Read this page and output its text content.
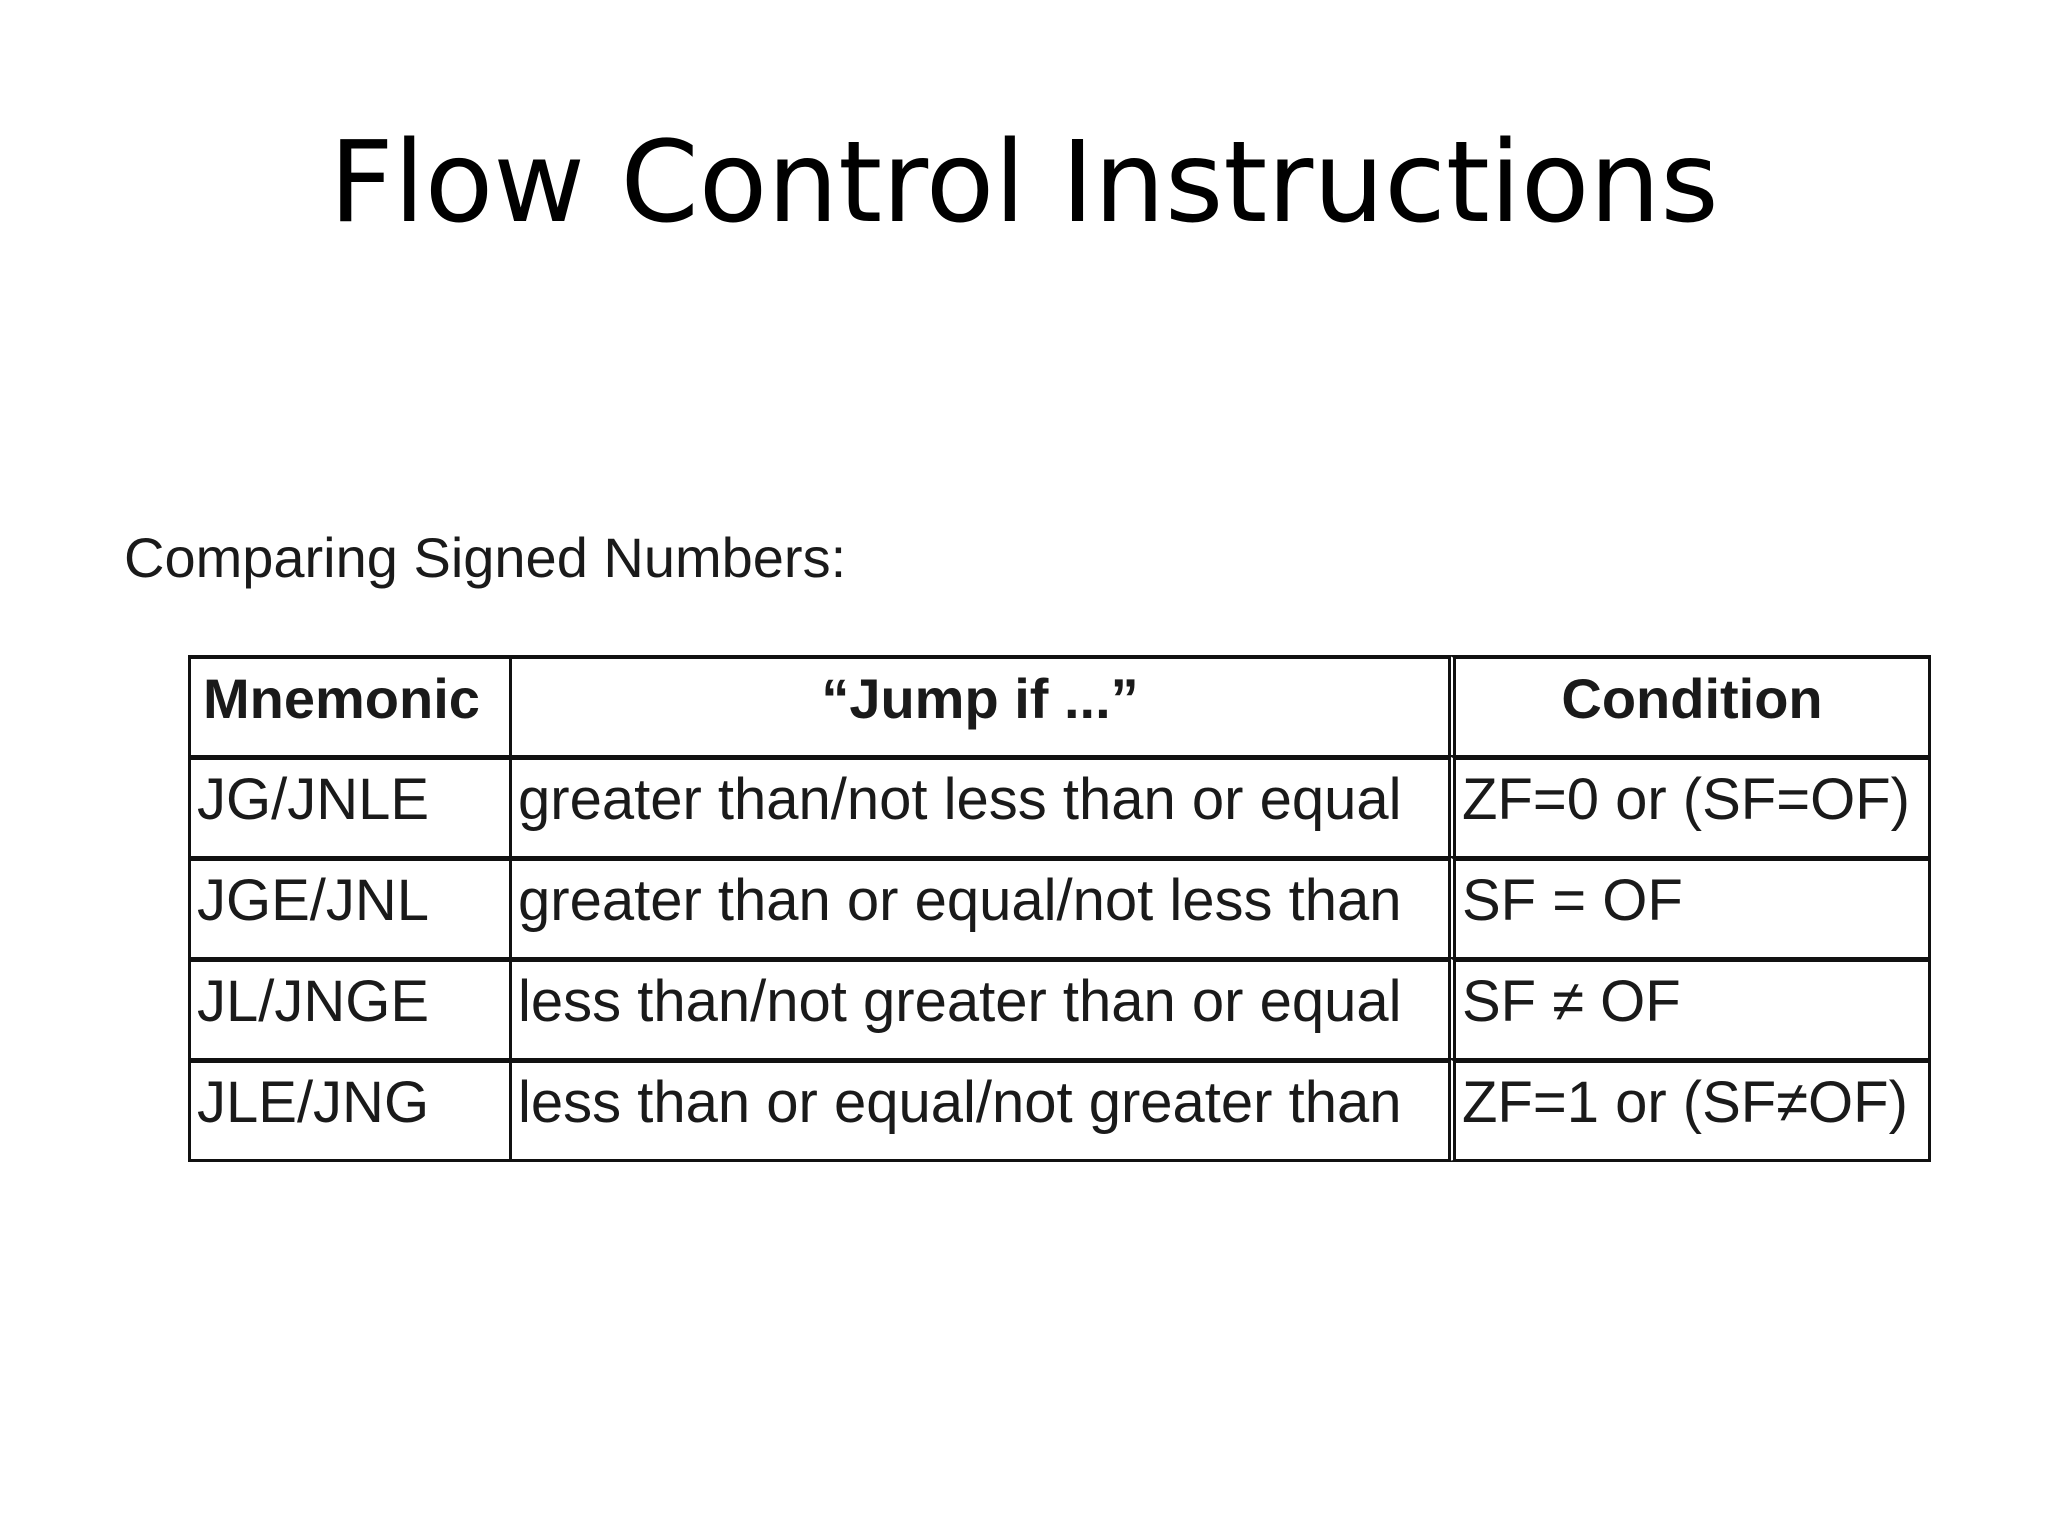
Flow Control Instructions
Comparing Signed Numbers:
Mnemonic	“Jump if ...”	Condition
JG/JNLE	greater than/not less than or equal	ZF=0 or (SF=OF)
JGE/JNL	greater than or equal/not less than	SF = OF
JL/JNGE	less than/not greater than or equal	SF ≠ OF
JLE/JNG	less than or equal/not greater than	ZF=1 or (SF≠OF)
